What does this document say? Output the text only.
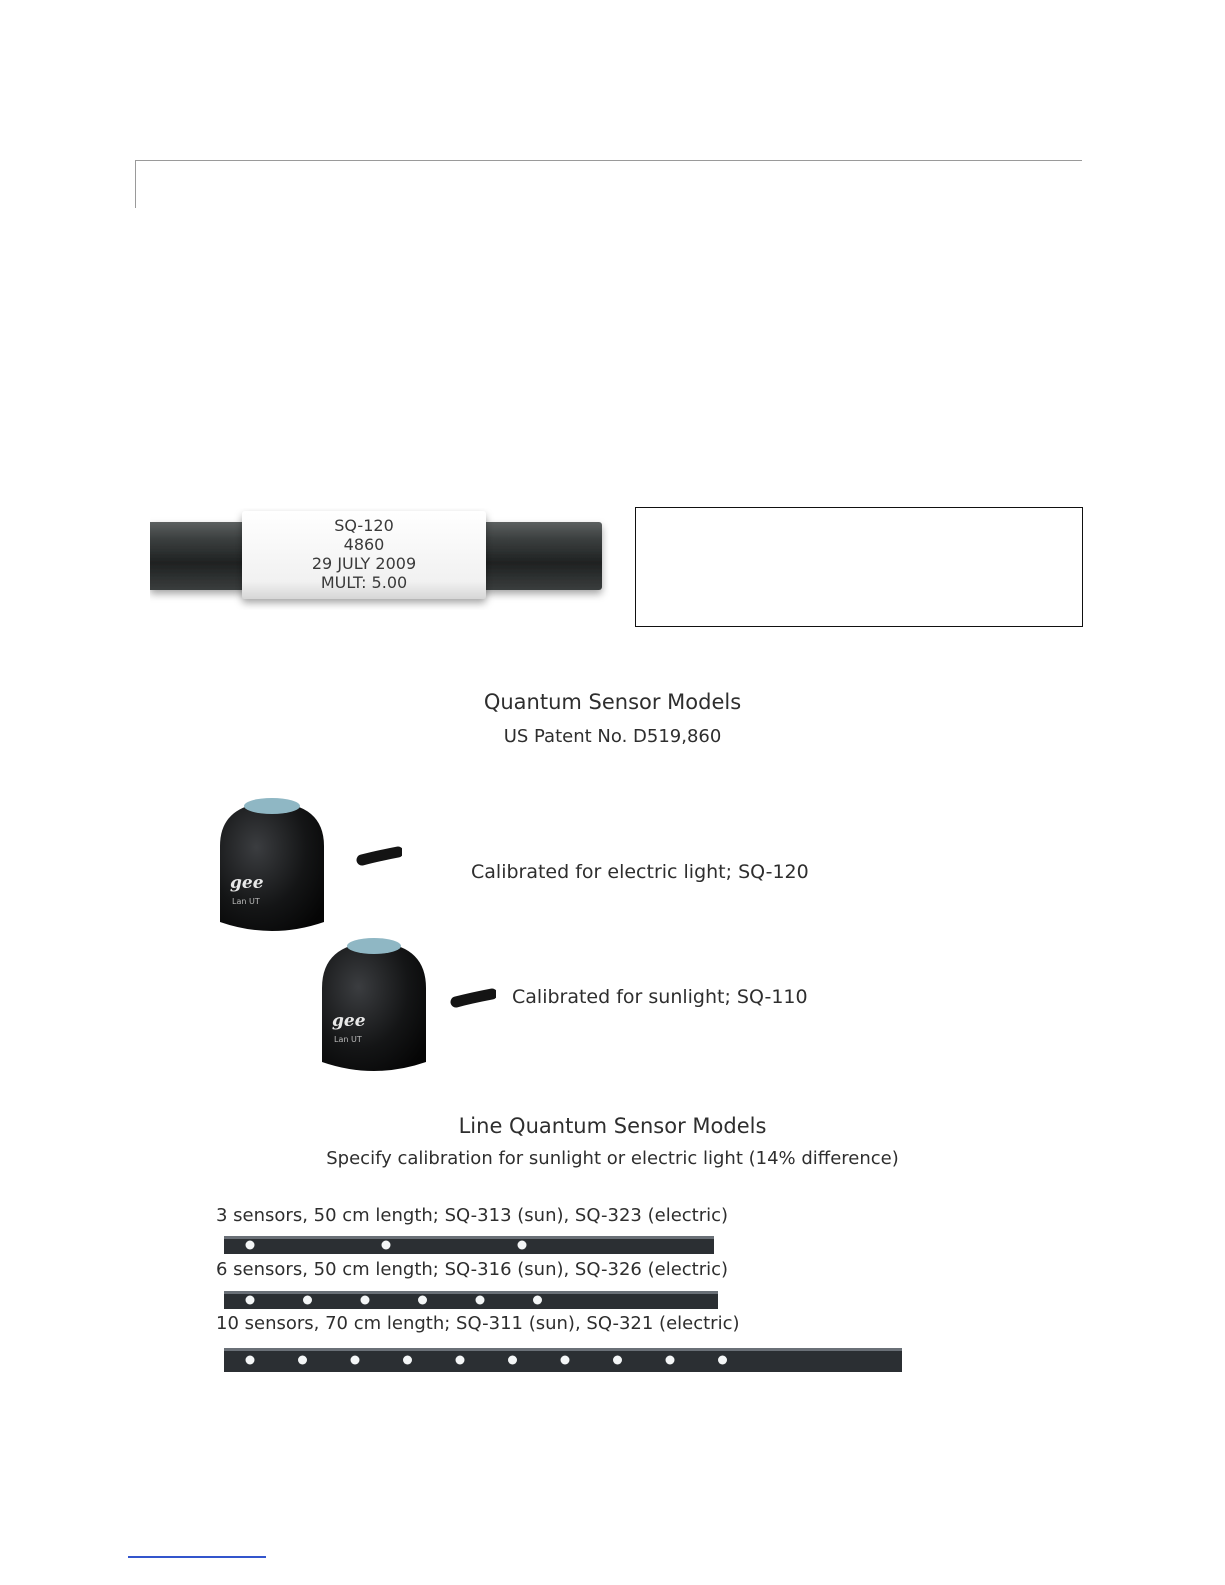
SQ-120
4860
29 JULY 2009
MULT: 5.00
Quantum Sensor Models
US Patent No. D519,860
gee
Lan UT
Calibrated for electric light; SQ-120
gee
Lan UT
Calibrated for sunlight; SQ-110
Line Quantum Sensor Models
Specify calibration for sunlight or electric light (14% difference)
3 sensors, 50 cm length; SQ-313 (sun), SQ-323 (electric)
6 sensors, 50 cm length; SQ-316 (sun), SQ-326 (electric)
10 sensors, 70 cm length; SQ-311 (sun), SQ-321 (electric)
